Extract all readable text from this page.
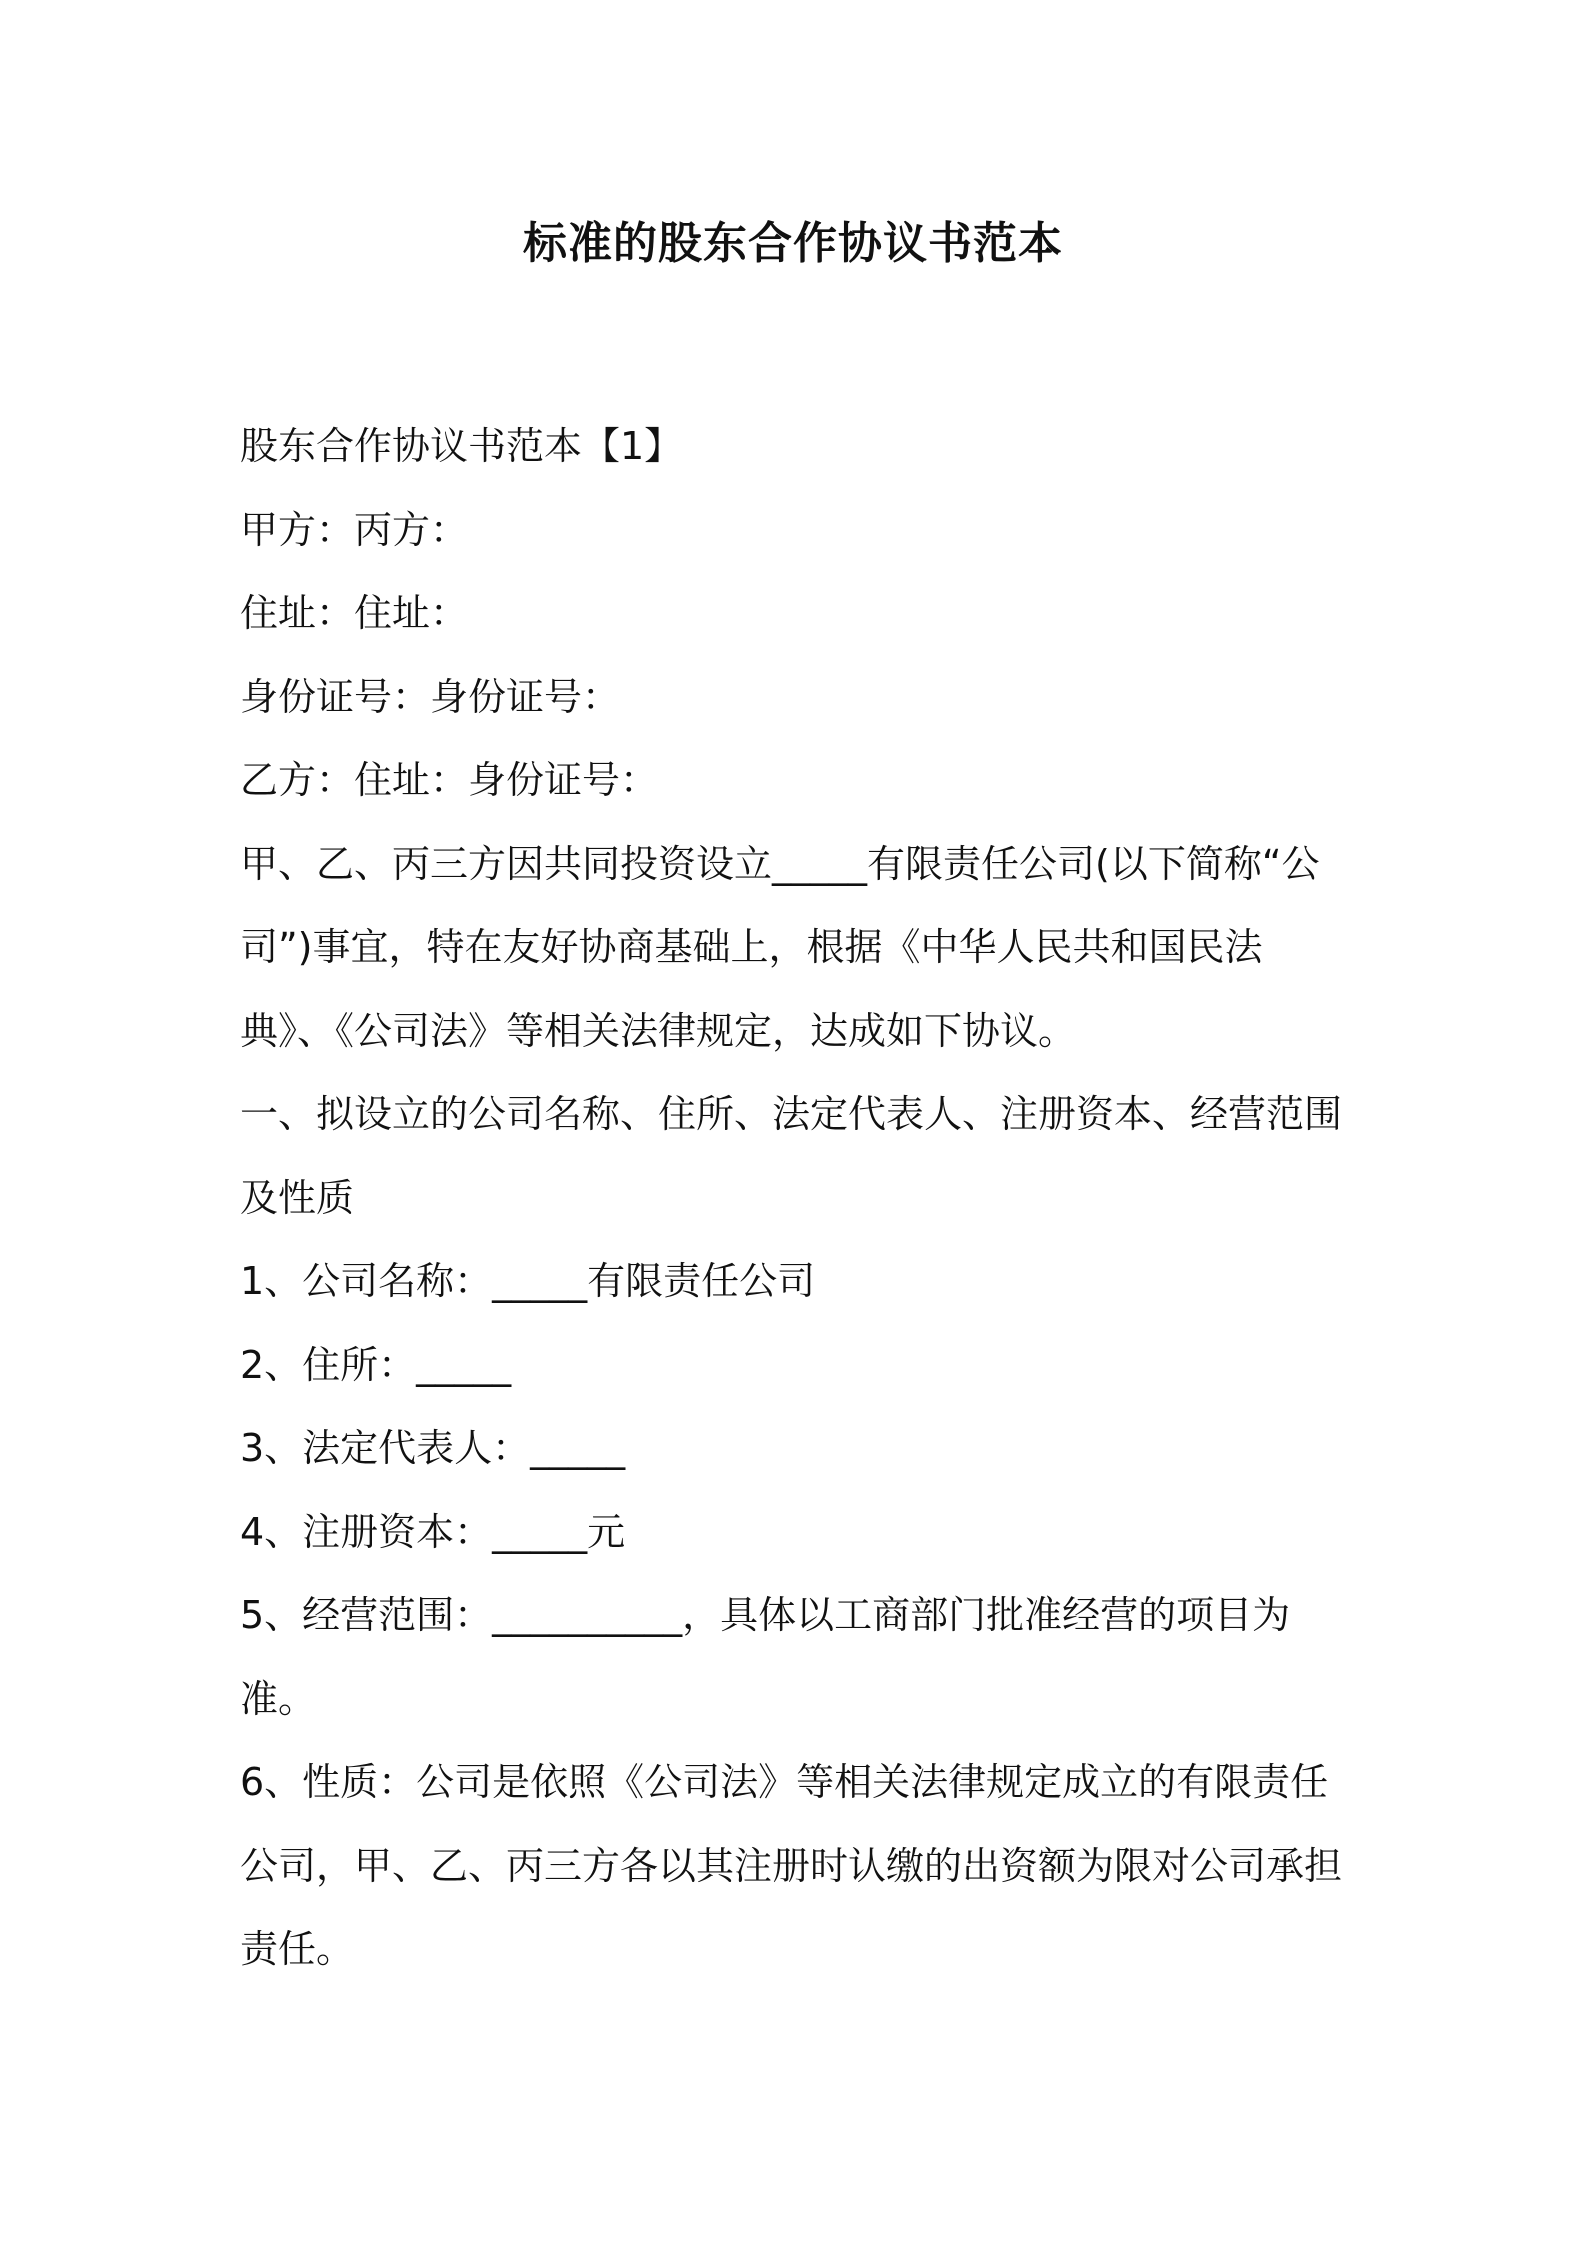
标准的股东合作协议书范本

股东合作协议书范本【1】

甲方：丙方：

住址：住址：

身份证号：身份证号：

乙方：住址：身份证号：

甲、乙、丙三方因共同投资设立_____有限责任公司(以下简称“公司”)事宜，特在友好协商基础上，根据《中华人民共和国民法典》、《公司法》等相关法律规定，达成如下协议。

一、拟设立的公司名称、住所、法定代表人、注册资本、经营范围及性质

1、公司名称：_____有限责任公司

2、住所：_____

3、法定代表人：_____

4、注册资本：_____元

5、经营范围：__________，具体以工商部门批准经营的项目为准。

6、性质：公司是依照《公司法》等相关法律规定成立的有限责任公司，甲、乙、丙三方各以其注册时认缴的出资额为限对公司承担责任。
